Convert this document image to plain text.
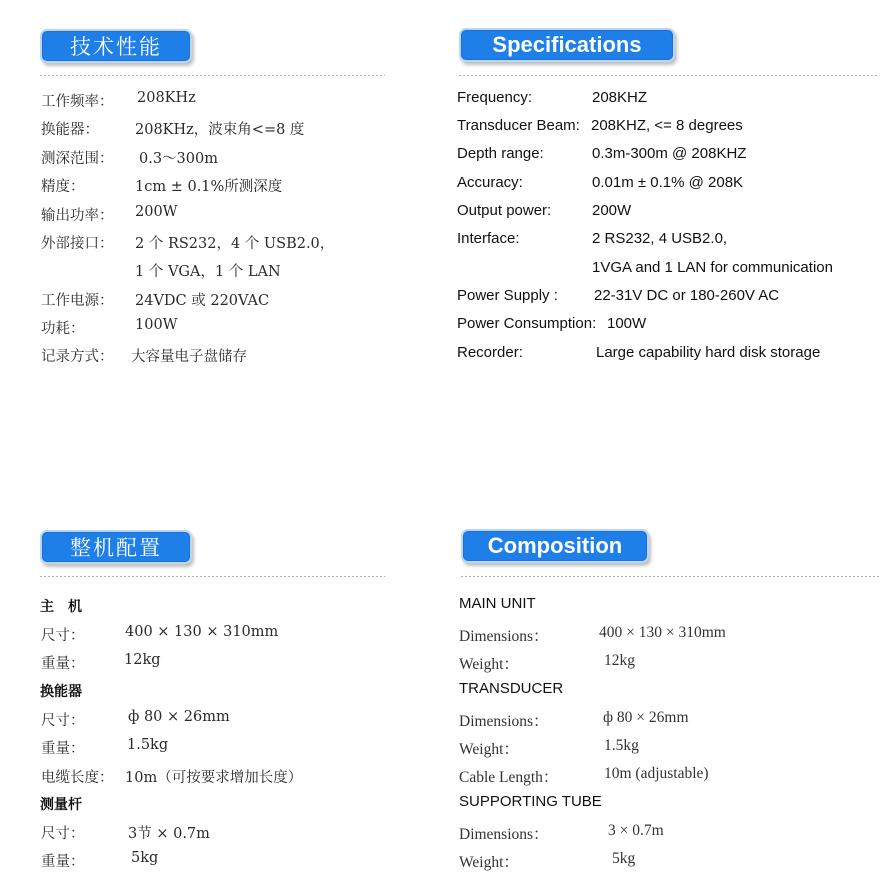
技术性能	Specifications
整机配置	Composition
工作频率： 208KHz
换能器： 208KHz，波束角<=8 度
测深范围： 0.3～300m
精度：	1cm ± 0.1%所测深度
输出功率： 200W
外部接口： 2 个 RS232，4 个 USB2.0，
1 个 VGA，1 个 LAN
工作电源： 24VDC 或 220VAC
功耗：	100W
记录方式： 大容量电子盘储存
Frequency:	208KHZ
Transducer Beam: 208KHZ, <= 8 degrees
Depth range:	0.3m-300m @ 208KHZ
Accuracy:	0.01m ± 0.1% @ 208K
Output power:	200W
Interface:	2 RS232, 4 USB2.0,
1VGA and 1 LAN for communication
Power Supply : 22-31V DC or 180-260V AC
Power Consumption: 100W
Recorder:	Large capability hard disk storage
主　机
尺寸：	400 × 130 × 310mm
重量：	12kg
换能器
尺寸：	ф 80 × 26mm
重量：	1.5kg
电缆长度： 10m（可按要求增加长度）
测量杆
尺寸：	3节 × 0.7m
重量：	5kg
MAIN UNIT
Dimensions：	400 × 130 × 310mm
Weight：	12kg
TRANSDUCER
Dimensions：	ф 80 × 26mm
Weight：	1.5kg
Cable Length：	10m (adjustable)
SUPPORTING TUBE
Dimensions：	3 × 0.7m
Weight：	5kg
